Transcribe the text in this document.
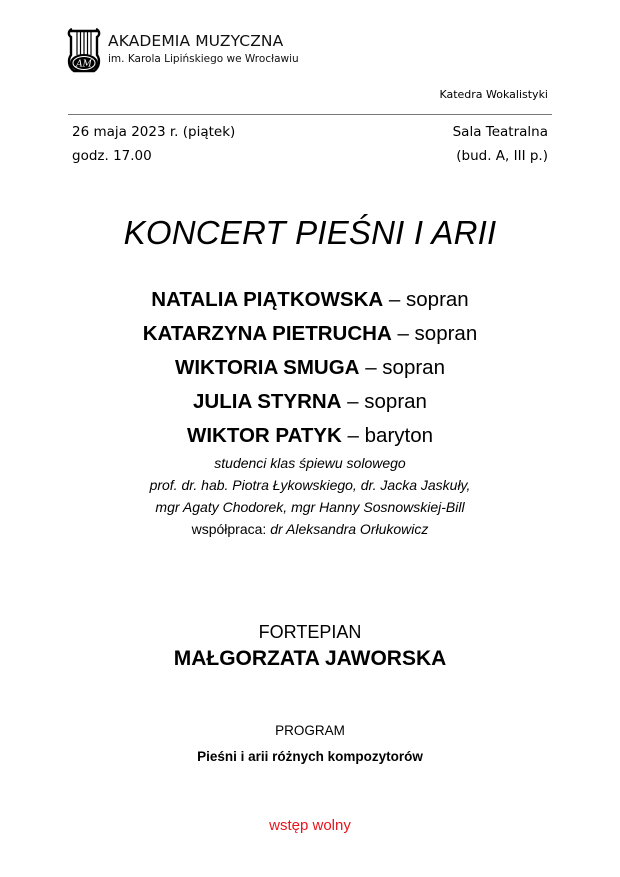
AM
AKADEMIA MUZYCZNA
im. Karola Lipińskiego we Wrocławiu
Katedra Wokalistyki
26 maja 2023 r. (piątek)
godz. 17.00
Sala Teatralna
(bud. A, III p.)
KONCERT PIEŚNI I ARII
NATALIA PIĄTKOWSKA – sopran
KATARZYNA PIETRUCHA – sopran
WIKTORIA SMUGA – sopran
JULIA STYRNA – sopran
WIKTOR PATYK – baryton
studenci klas śpiewu solowego
prof. dr. hab. Piotra Łykowskiego, dr. Jacka Jaskuły,
mgr Agaty Chodorek, mgr Hanny Sosnowskiej-Bill
współpraca: dr Aleksandra Orłukowicz
FORTEPIAN
MAŁGORZATA JAWORSKA
PROGRAM
Pieśni i arii różnych kompozytorów
wstęp wolny
